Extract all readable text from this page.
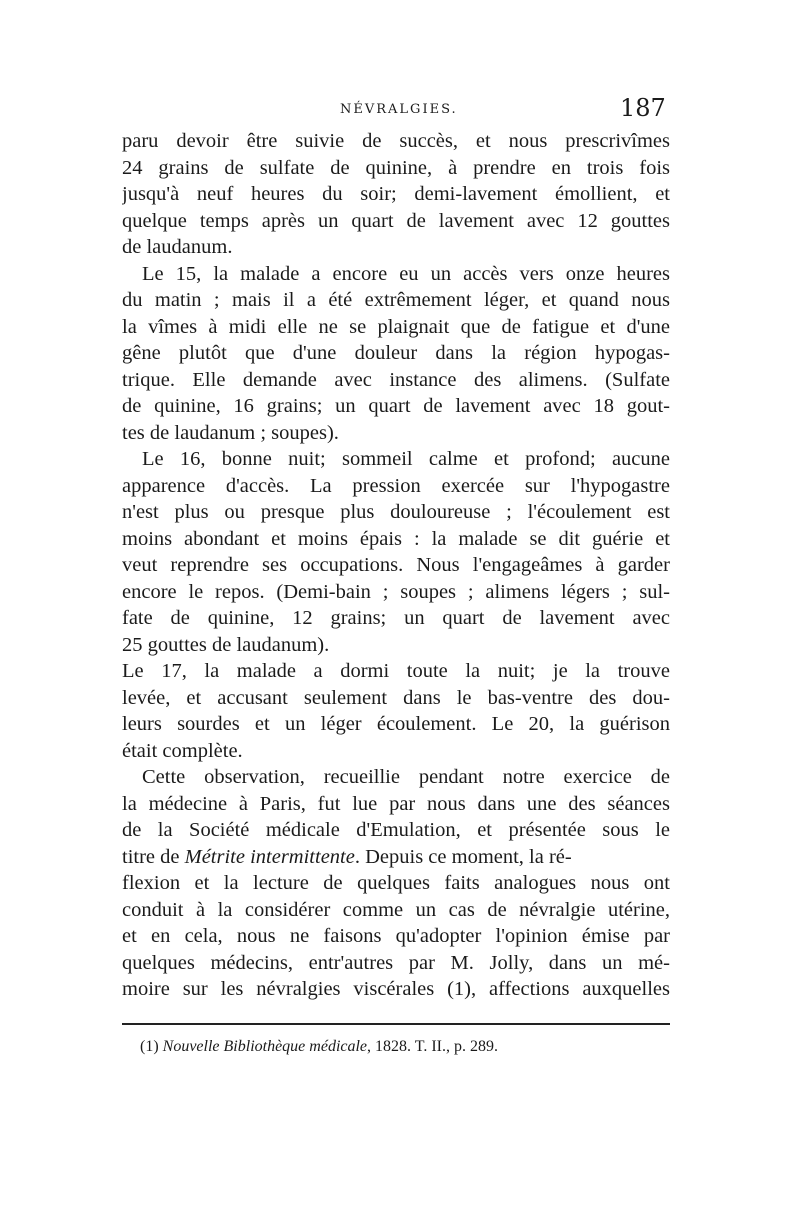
NÉVRALGIES.	187
paru devoir être suivie de succès, et nous prescrivîmes
24 grains de sulfate de quinine, à prendre en trois fois
jusqu'à neuf heures du soir; demi-lavement émollient, et
quelque temps après un quart de lavement avec 12 gouttes
de laudanum.
Le 15, la malade a encore eu un accès vers onze heures
du matin ; mais il a été extrêmement léger, et quand nous
la vîmes à midi elle ne se plaignait que de fatigue et d'une
gêne plutôt que d'une douleur dans la région hypogas-
trique. Elle demande avec instance des alimens. (Sulfate
de quinine, 16 grains; un quart de lavement avec 18 gout-
tes de laudanum ; soupes).
Le 16, bonne nuit; sommeil calme et profond; aucune
apparence d'accès. La pression exercée sur l'hypogastre
n'est plus ou presque plus douloureuse ; l'écoulement est
moins abondant et moins épais : la malade se dit guérie et
veut reprendre ses occupations. Nous l'engageâmes à garder
encore le repos. (Demi-bain ; soupes ; alimens légers ; sul-
fate de quinine, 12 grains; un quart de lavement avec
25 gouttes de laudanum).
Le 17, la malade a dormi toute la nuit; je la trouve
levée, et accusant seulement dans le bas-ventre des dou-
leurs sourdes et un léger écoulement. Le 20, la guérison
était complète.
Cette observation, recueillie pendant notre exercice de
la médecine à Paris, fut lue par nous dans une des séances
de la Société médicale d'Emulation, et présentée sous le
titre de Métrite intermittente. Depuis ce moment, la ré-
flexion et la lecture de quelques faits analogues nous ont
conduit à la considérer comme un cas de névralgie utérine,
et en cela, nous ne faisons qu'adopter l'opinion émise par
quelques médecins, entr'autres par M. Jolly, dans un mé-
moire sur les névralgies viscérales (1), affections auxquelles
(1) Nouvelle Bibliothèque médicale, 1828. T. II., p. 289.
